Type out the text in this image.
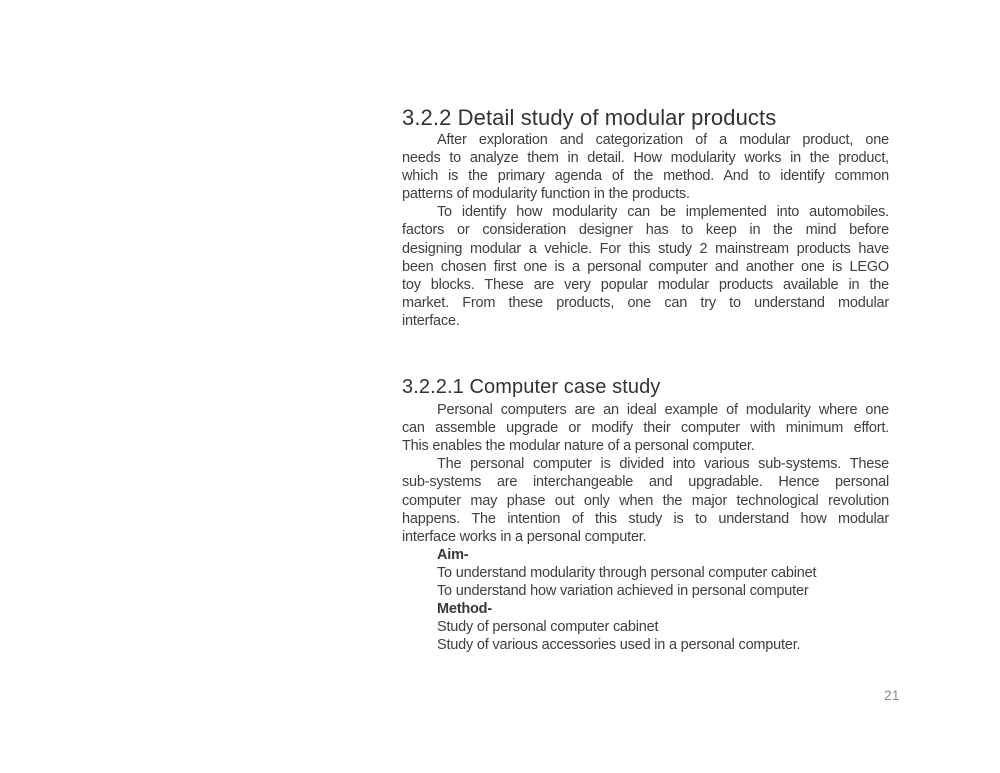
3.2.2 Detail study of modular products
After exploration and categorization of a modular product, one
needs to analyze them in detail. How modularity works in the product,
which is the primary agenda of the method. And to identify common
patterns of modularity function in the products.
To identify how modularity can be implemented into automobiles.
factors or consideration designer has to keep in the mind before
designing modular a vehicle. For this study 2 mainstream products have
been chosen first one is a personal computer and another one is LEGO
toy blocks. These are very popular modular products available in the
market. From these products, one can try to understand modular
interface.
3.2.2.1 Computer case study
Personal computers are an ideal example of modularity where one
can assemble upgrade or modify their computer with minimum effort.
This enables the modular nature of a personal computer.
The personal computer is divided into various sub-systems. These
sub-systems are interchangeable and upgradable. Hence personal
computer may phase out only when the major technological revolution
happens. The intention of this study is to understand how modular
interface works in a personal computer.
Aim-
To understand modularity through personal computer cabinet
To understand how variation achieved in personal computer
Method-
Study of personal computer cabinet
Study of various accessories used in a personal computer.
21
